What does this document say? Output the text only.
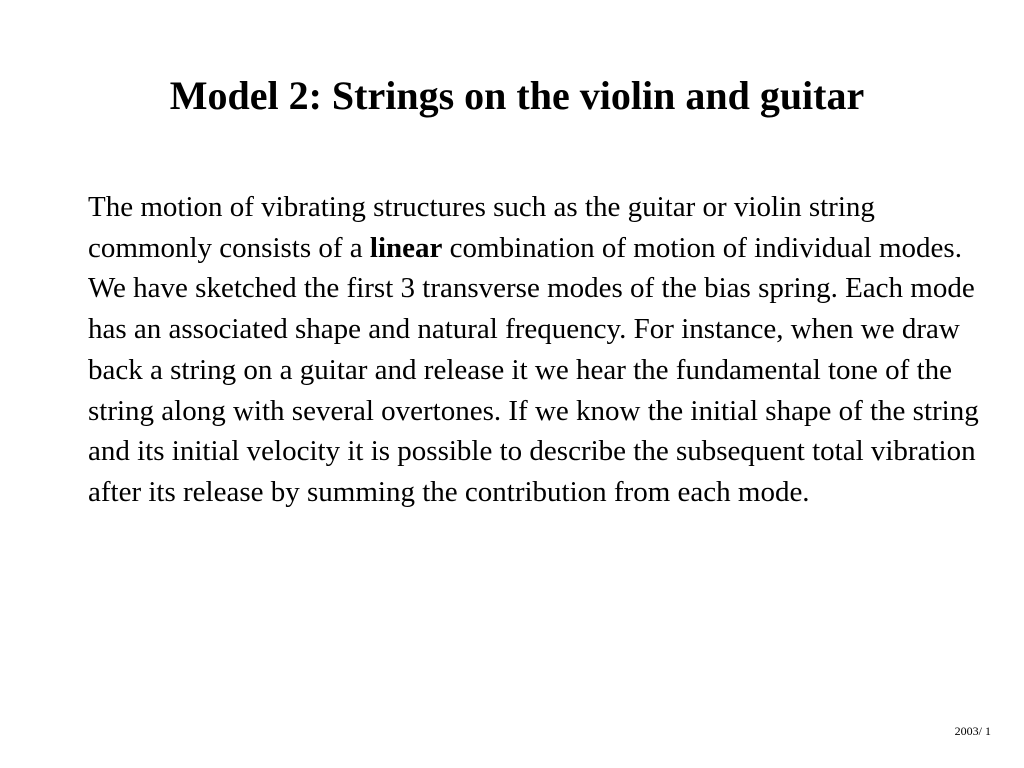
Model 2: Strings on the violin and guitar

The motion of vibrating structures such as the guitar or violin string commonly consists of a linear combination of motion of individual modes. We have sketched the first 3 transverse modes of the bias spring. Each mode has an associated shape and natural frequency. For instance, when we draw back a string on a guitar and release it we hear the fundamental tone of the string along with several overtones. If we know the initial shape of the string and its initial velocity it is possible to describe the subsequent total vibration after its release by summing the contribution from each mode.

2003/ 1
